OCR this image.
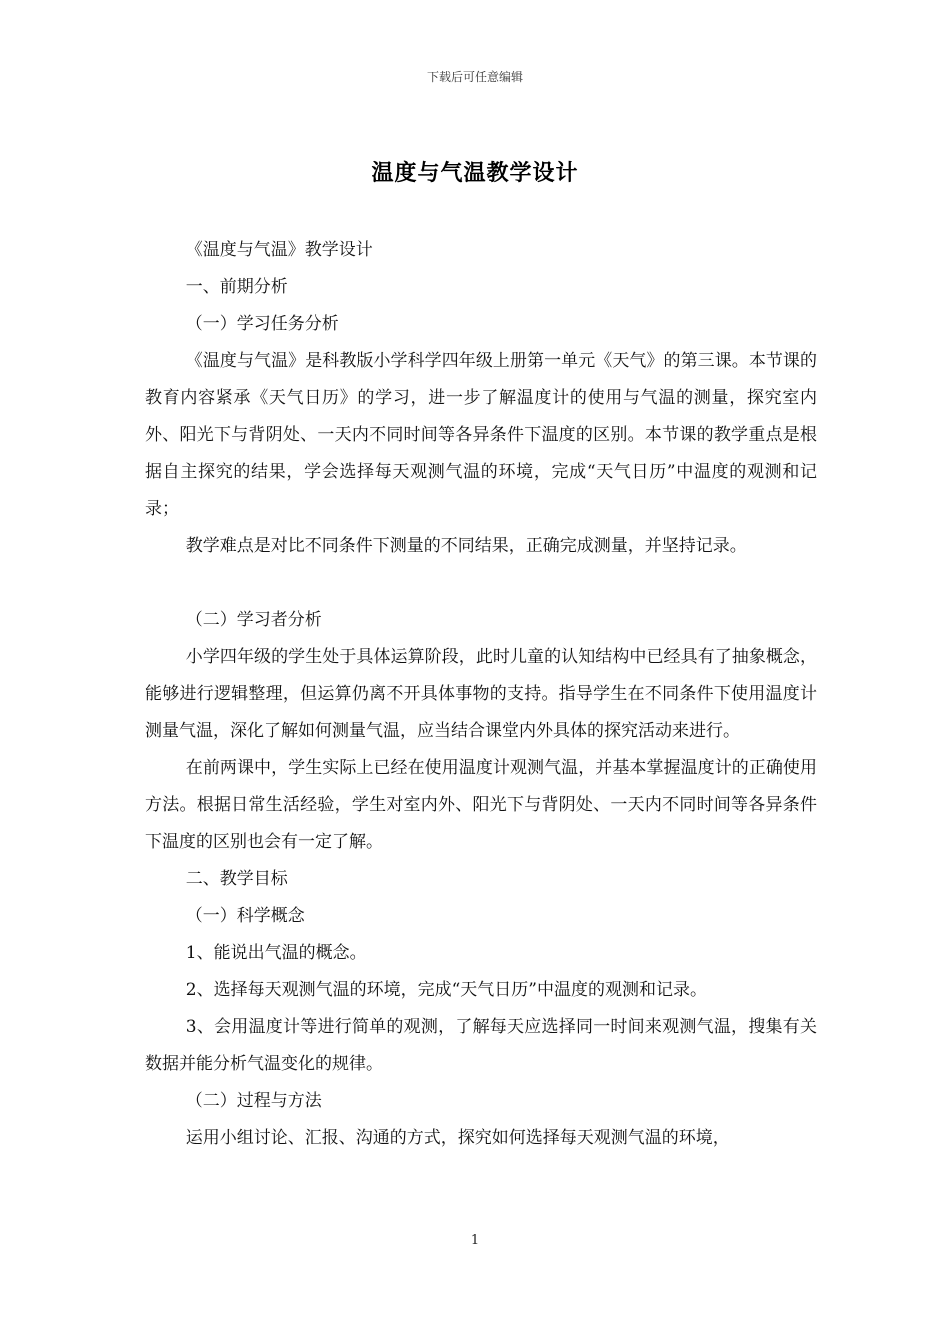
下载后可任意编辑
温度与气温教学设计

《温度与气温》教学设计

一、前期分析

（一）学习任务分析

《温度与气温》是科教版小学科学四年级上册第一单元《天气》的第三课。本节课的教育内容紧承《天气日历》的学习，进一步了解温度计的使用与气温的测量，探究室内外、阳光下与背阴处、一天内不同时间等各异条件下温度的区别。本节课的教学重点是根据自主探究的结果，学会选择每天观测气温的环境，完成“天气日历”中温度的观测和记录；

教学难点是对比不同条件下测量的不同结果，正确完成测量，并坚持记录。

（二）学习者分析

小学四年级的学生处于具体运算阶段，此时儿童的认知结构中已经具有了抽象概念，能够进行逻辑整理，但运算仍离不开具体事物的支持。指导学生在不同条件下使用温度计测量气温，深化了解如何测量气温，应当结合课堂内外具体的探究活动来进行。

在前两课中，学生实际上已经在使用温度计观测气温，并基本掌握温度计的正确使用方法。根据日常生活经验，学生对室内外、阳光下与背阴处、一天内不同时间等各异条件下温度的区别也会有一定了解。

二、教学目标

（一）科学概念

1、能说出气温的概念。

2、选择每天观测气温的环境，完成“天气日历”中温度的观测和记录。

3、会用温度计等进行简单的观测，了解每天应选择同一时间来观测气温，搜集有关数据并能分析气温变化的规律。

（二）过程与方法

运用小组讨论、汇报、沟通的方式，探究如何选择每天观测气温的环境，

1
